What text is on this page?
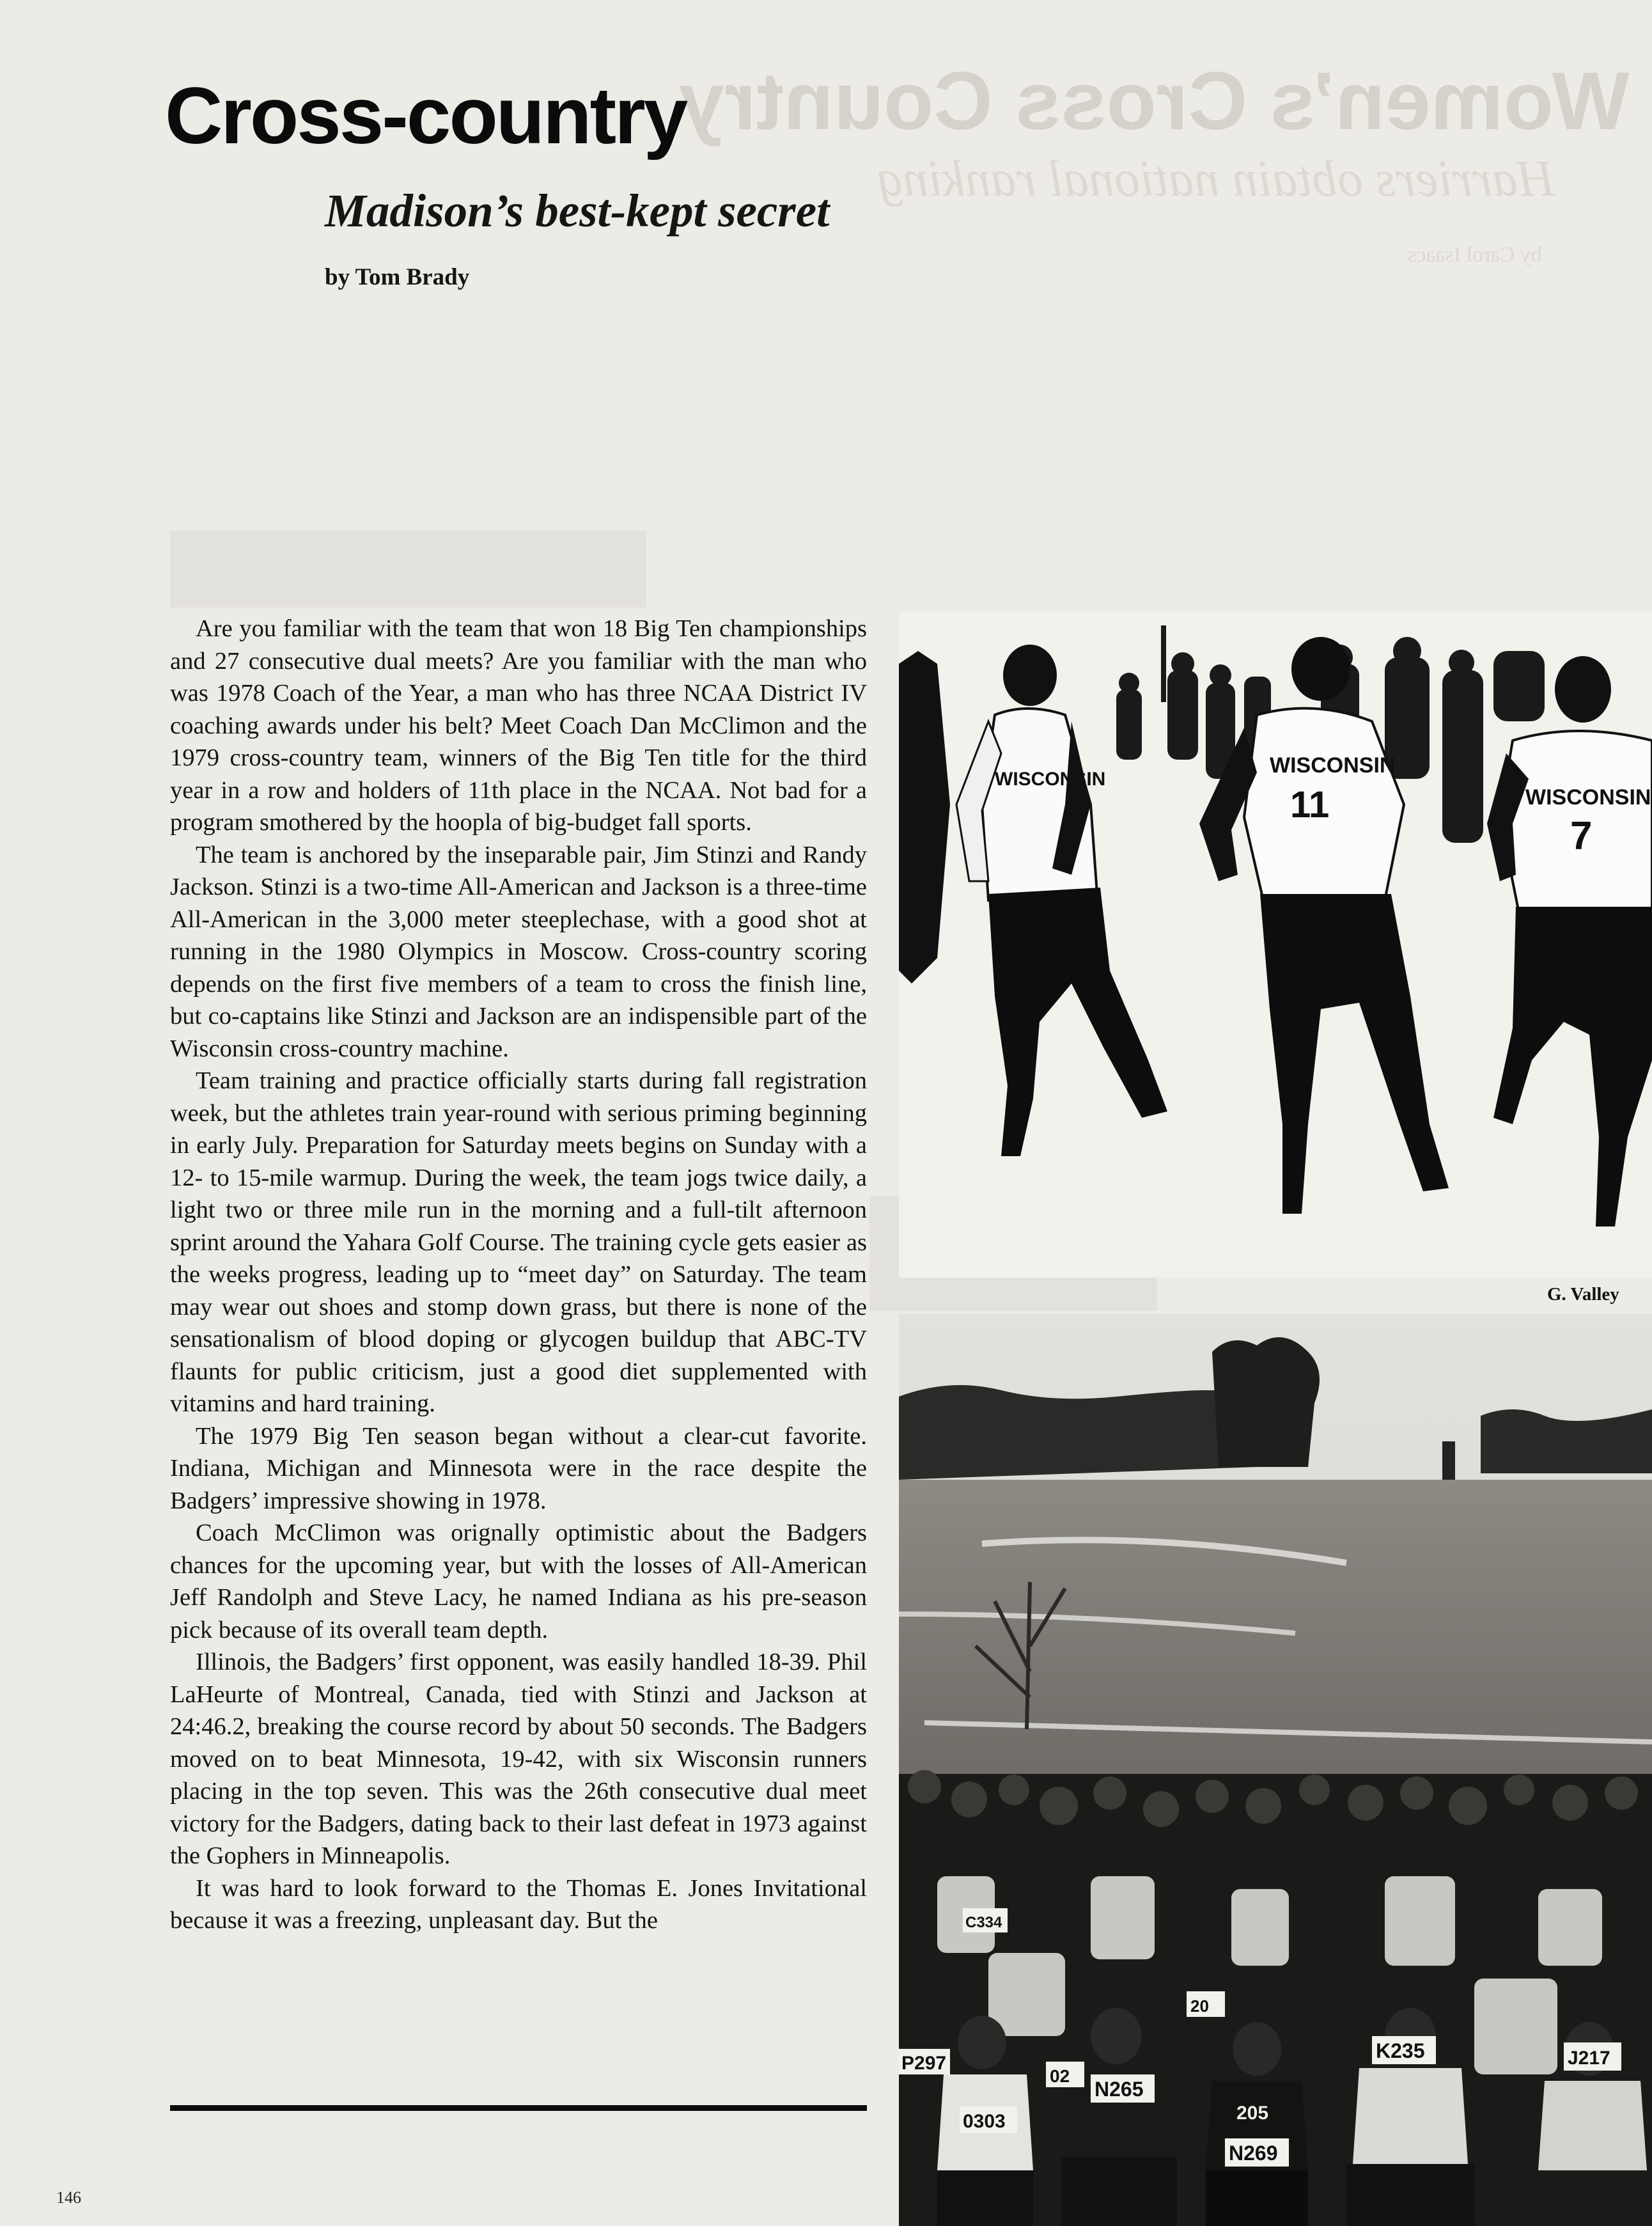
Women’s Cross Country
Harriers obtain national ranking
by Carol Isaacs
Cross-country
Madison’s best-kept secret
by Tom Brady

Are you familiar with the team that won 18 Big Ten championships and 27 consecutive dual meets? Are you familiar with the man who was 1978 Coach of the Year, a man who has three NCAA District IV coaching awards under his belt? Meet Coach Dan McClimon and the 1979 cross-country team, winners of the Big Ten title for the third year in a row and holders of 11th place in the NCAA. Not bad for a program smothered by the hoopla of big-budget fall sports.

The team is anchored by the inseparable pair, Jim Stinzi and Randy Jackson. Stinzi is a two-time All-American and Jackson is a three-time All-American in the 3,000 meter steeplechase, with a good shot at running in the 1980 Olympics in Moscow. Cross-country scoring depends on the first five members of a team to cross the finish line, but co-captains like Stinzi and Jackson are an indispensible part of the Wisconsin cross-country machine.

Team training and practice officially starts during fall registration week, but the athletes train year-round with serious priming beginning in early July. Preparation for Saturday meets begins on Sunday with a 12- to 15-mile warmup. During the week, the team jogs twice daily, a light two or three mile run in the morning and a full-tilt afternoon sprint around the Yahara Golf Course. The training cycle gets easier as the weeks progress, leading up to “meet day” on Saturday. The team may wear out shoes and stomp down grass, but there is none of the sensationalism of blood doping or glycogen buildup that ABC-TV flaunts for public criticism, just a good diet supplemented with vitamins and hard training.

The 1979 Big Ten season began without a clear-cut favorite. Indiana, Michigan and Minnesota were in the race despite the Badgers’ impressive showing in 1978.

Coach McClimon was orignally optimistic about the Badgers chances for the upcoming year, but with the losses of All-American Jeff Randolph and Steve Lacy, he named Indiana as his pre-season pick because of its overall team depth.

Illinois, the Badgers’ first opponent, was easily handled 18-39. Phil LaHeurte of Montreal, Canada, tied with Stinzi and Jackson at 24:46.2, breaking the course record by about 50 seconds. The Badgers moved on to beat Minnesota, 19-42, with six Wisconsin runners placing in the top seven. This was the 26th consecutive dual meet victory for the Badgers, dating back to their last defeat in 1973 against the Gophers in Minneapolis.

It was hard to look forward to the Thomas E. Jones Invitational because it was a freezing, unpleasant day. But the

146
WISCONSIN
WISCONSIN
11	WISCONSIN
7
G. Valley
P297
0303
02
N265
205
N269
K235	J217
20
C334
